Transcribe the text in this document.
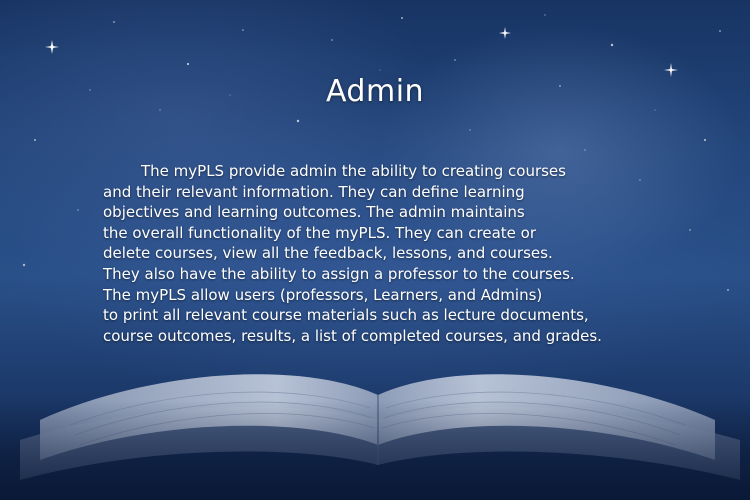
Admin
The myPLS provide admin the ability to creating courses
and their relevant information. They can define learning
objectives and learning outcomes. The admin maintains
the overall functionality of the myPLS. They can create or
delete courses, view all the feedback, lessons, and courses.
They also have the ability to assign a professor to the courses.
The myPLS allow users (professors, Learners, and Admins)
to print all relevant course materials such as lecture documents,
course outcomes, results, a list of completed courses, and grades.
